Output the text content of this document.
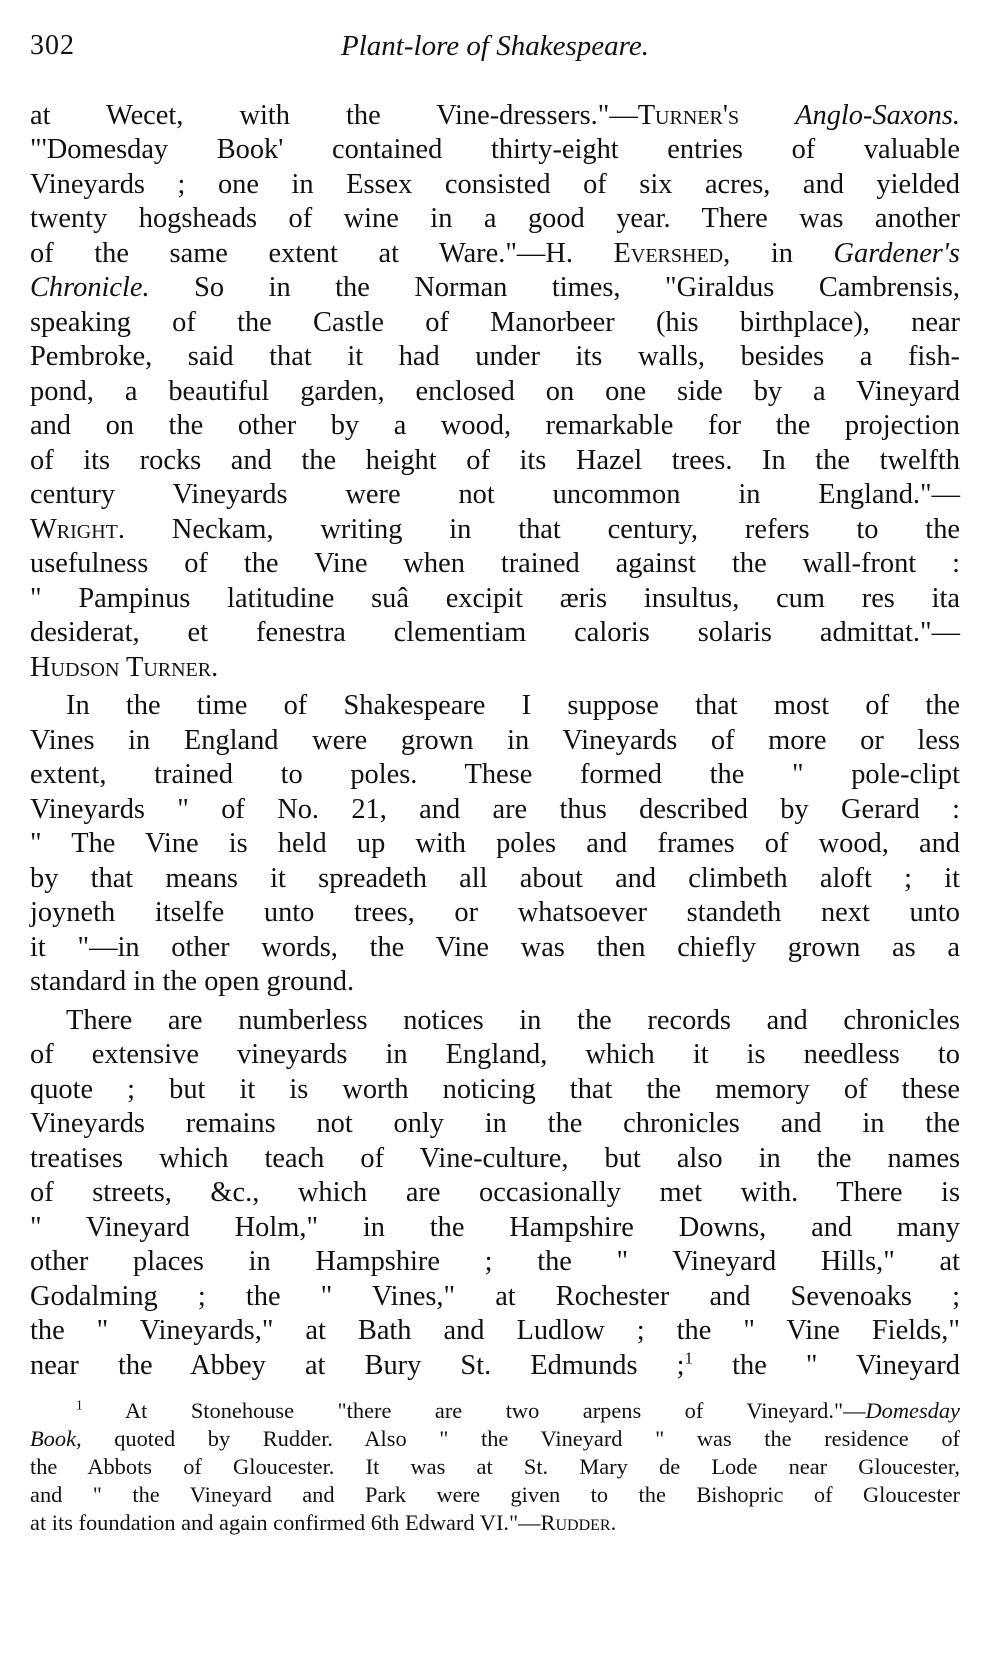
302	Plant-lore of Shakespeare.
at Wecet, with the Vine-dressers."—Turner's Anglo-Saxons.
"'Domesday Book' contained thirty-eight entries of valuable
Vineyards ; one in Essex consisted of six acres, and yielded
twenty hogsheads of wine in a good year. There was another
of the same extent at Ware."—H. Evershed, in Gardener's
Chronicle. So in the Norman times, "Giraldus Cambrensis,
speaking of the Castle of Manorbeer (his birthplace), near
Pembroke, said that it had under its walls, besides a fish-
pond, a beautiful garden, enclosed on one side by a Vineyard
and on the other by a wood, remarkable for the projection
of its rocks and the height of its Hazel trees. In the twelfth
century Vineyards were not uncommon in England."—
Wright. Neckam, writing in that century, refers to the
usefulness of the Vine when trained against the wall-front :
" Pampinus latitudine suâ excipit æris insultus, cum res ita
desiderat, et fenestra clementiam caloris solaris admittat."—
Hudson Turner.
In the time of Shakespeare I suppose that most of the
Vines in England were grown in Vineyards of more or less
extent, trained to poles. These formed the " pole-clipt
Vineyards " of No. 21, and are thus described by Gerard :
" The Vine is held up with poles and frames of wood, and
by that means it spreadeth all about and climbeth aloft ; it
joyneth itselfe unto trees, or whatsoever standeth next unto
it "—in other words, the Vine was then chiefly grown as a
standard in the open ground.
There are numberless notices in the records and chronicles
of extensive vineyards in England, which it is needless to
quote ; but it is worth noticing that the memory of these
Vineyards remains not only in the chronicles and in the
treatises which teach of Vine-culture, but also in the names
of streets, &c., which are occasionally met with. There is
" Vineyard Holm," in the Hampshire Downs, and many
other places in Hampshire ; the " Vineyard Hills," at
Godalming ; the " Vines," at Rochester and Sevenoaks ;
the " Vineyards," at Bath and Ludlow ; the " Vine Fields,"
near the Abbey at Bury St. Edmunds ;$^1$ the " Vineyard
$^1$ At Stonehouse "there are two arpens of Vineyard."—Domesday
Book, quoted by Rudder. Also " the Vineyard " was the residence of
the Abbots of Gloucester. It was at St. Mary de Lode near Gloucester,
and " the Vineyard and Park were given to the Bishopric of Gloucester
at its foundation and again confirmed 6th Edward VI."—Rudder.
